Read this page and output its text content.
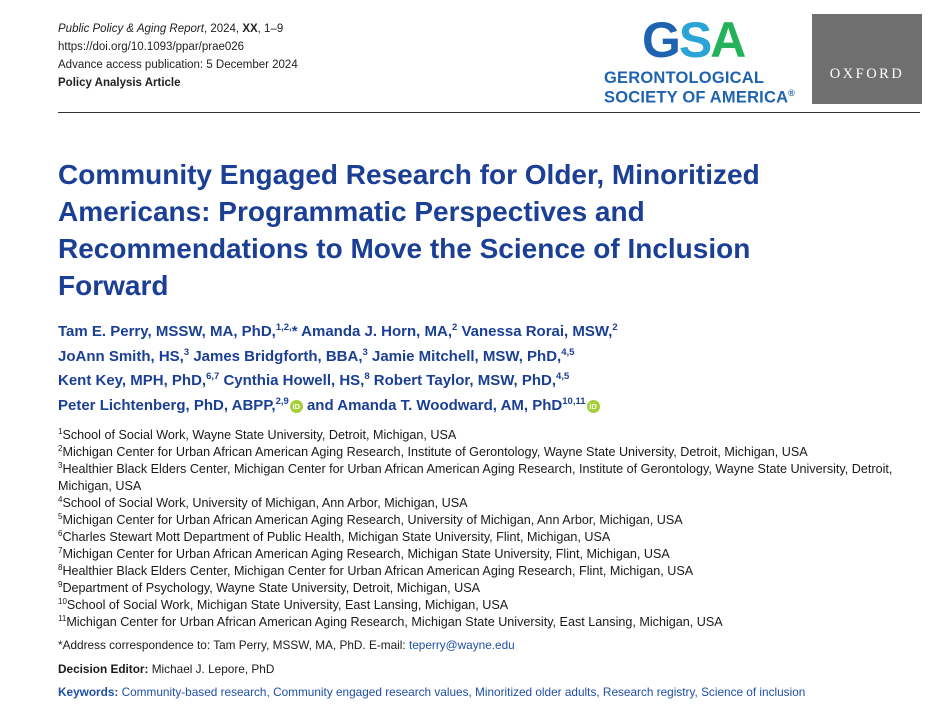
Public Policy & Aging Report, 2024, XX, 1–9
https://doi.org/10.1093/ppar/prae026
Advance access publication: 5 December 2024
Policy Analysis Article
GSA
GERONTOLOGICAL
SOCIETY OF AMERICA®
OXFORD
Community Engaged Research for Older, Minoritized Americans: Programmatic Perspectives and Recommendations to Move the Science of Inclusion Forward
Tam E. Perry, MSSW, MA, PhD,$^{1,2,}$* Amanda J. Horn, MA,$^2$ Vanessa Rorai, MSW,$^2$
JoAnn Smith, HS,$^3$ James Bridgforth, BBA,$^3$ Jamie Mitchell, MSW, PhD,$^{4,5}$
Kent Key, MPH, PhD,$^{6,7}$ Cynthia Howell, HS,$^8$ Robert Taylor, MSW, PhD,$^{4,5}$
Peter Lichtenberg, PhD, ABPP,$^{2,9}$ iD and Amanda T. Woodward, AM, PhD$^{10,11}$ iD
$^1$School of Social Work, Wayne State University, Detroit, Michigan, USA
$^2$Michigan Center for Urban African American Aging Research, Institute of Gerontology, Wayne State University, Detroit, Michigan, USA
$^3$Healthier Black Elders Center, Michigan Center for Urban African American Aging Research, Institute of Gerontology, Wayne State University, Detroit, Michigan, USA
$^4$School of Social Work, University of Michigan, Ann Arbor, Michigan, USA
$^5$Michigan Center for Urban African American Aging Research, University of Michigan, Ann Arbor, Michigan, USA
$^6$Charles Stewart Mott Department of Public Health, Michigan State University, Flint, Michigan, USA
$^7$Michigan Center for Urban African American Aging Research, Michigan State University, Flint, Michigan, USA
$^8$Healthier Black Elders Center, Michigan Center for Urban African American Aging Research, Flint, Michigan, USA
$^9$Department of Psychology, Wayne State University, Detroit, Michigan, USA
$^{10}$School of Social Work, Michigan State University, East Lansing, Michigan, USA
$^{11}$Michigan Center for Urban African American Aging Research, Michigan State University, East Lansing, Michigan, USA
*Address correspondence to: Tam Perry, MSSW, MA, PhD. E-mail: teperry@wayne.edu
Decision Editor: Michael J. Lepore, PhD
Keywords: Community-based research, Community engaged research values, Minoritized older adults, Research registry, Science of inclusion
